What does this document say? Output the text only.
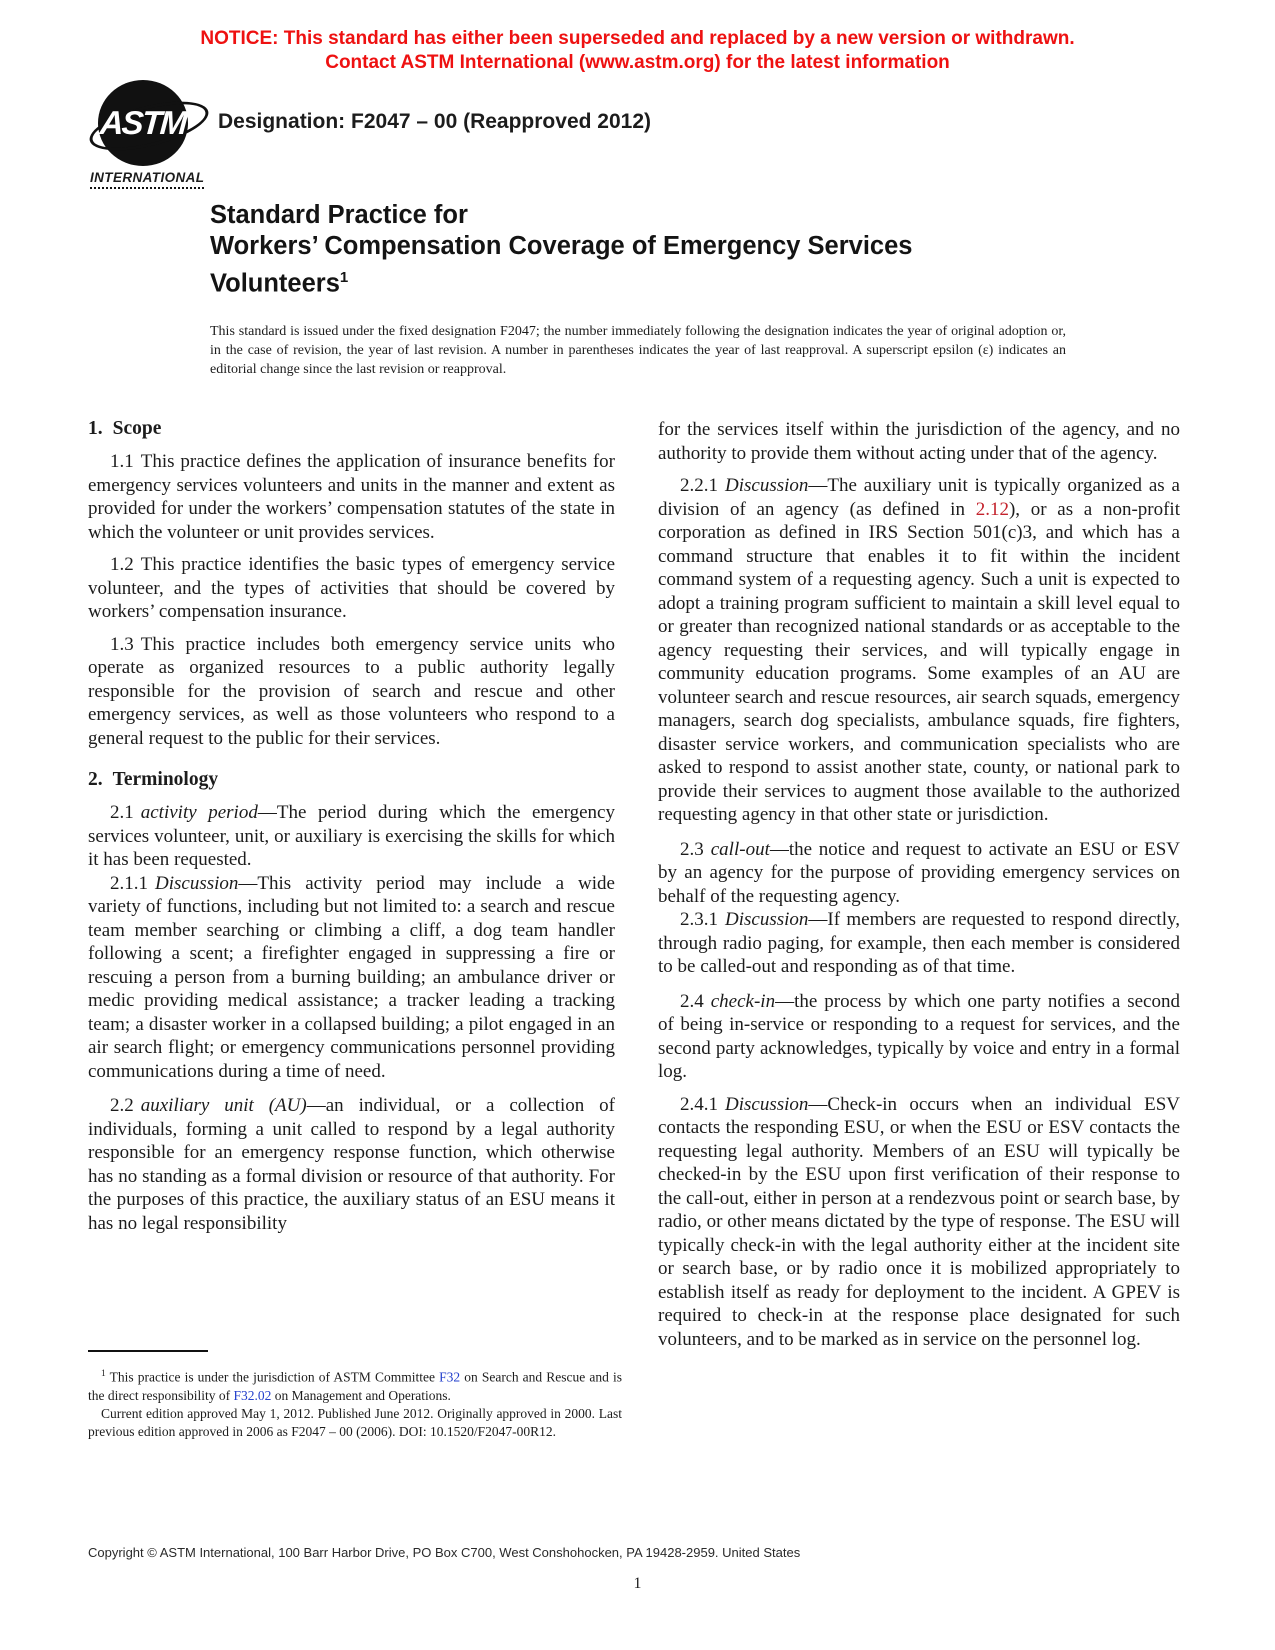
NOTICE: This standard has either been superseded and replaced by a new version or withdrawn.
Contact ASTM International (www.astm.org) for the latest information
ASTM
INTERNATIONAL
Designation: F2047 – 00 (Reapproved 2012)
Standard Practice for
Workers’ Compensation Coverage of Emergency Services
Volunteers$^1$
This standard is issued under the fixed designation F2047; the number immediately following the designation indicates the year of original adoption or, in the case of revision, the year of last revision. A number in parentheses indicates the year of last reapproval. A superscript epsilon (ε) indicates an editorial change since the last revision or reapproval.
1. Scope

1.1 This practice defines the application of insurance benefits for emergency services volunteers and units in the manner and extent as provided for under the workers’ compensation statutes of the state in which the volunteer or unit provides services.

1.2 This practice identifies the basic types of emergency service volunteer, and the types of activities that should be covered by workers’ compensation insurance.

1.3 This practice includes both emergency service units who operate as organized resources to a public authority legally responsible for the provision of search and rescue and other emergency services, as well as those volunteers who respond to a general request to the public for their services.

2. Terminology

2.1 activity period—The period during which the emergency services volunteer, unit, or auxiliary is exercising the skills for which it has been requested.

2.1.1 Discussion—This activity period may include a wide variety of functions, including but not limited to: a search and rescue team member searching or climbing a cliff, a dog team handler following a scent; a firefighter engaged in suppressing a fire or rescuing a person from a burning building; an ambulance driver or medic providing medical assistance; a tracker leading a tracking team; a disaster worker in a collapsed building; a pilot engaged in an air search flight; or emergency communications personnel providing communications during a time of need.

2.2 auxiliary unit (AU)—an individual, or a collection of individuals, forming a unit called to respond by a legal authority responsible for an emergency response function, which otherwise has no standing as a formal division or resource of that authority. For the purposes of this practice, the auxiliary status of an ESU means it has no legal responsibility

for the services itself within the jurisdiction of the agency, and no authority to provide them without acting under that of the agency.

2.2.1 Discussion—The auxiliary unit is typically organized as a division of an agency (as defined in 2.12), or as a non-profit corporation as defined in IRS Section 501(c)3, and which has a command structure that enables it to fit within the incident command system of a requesting agency. Such a unit is expected to adopt a training program sufficient to maintain a skill level equal to or greater than recognized national standards or as acceptable to the agency requesting their services, and will typically engage in community education programs. Some examples of an AU are volunteer search and rescue resources, air search squads, emergency managers, search dog specialists, ambulance squads, fire fighters, disaster service workers, and communication specialists who are asked to respond to assist another state, county, or national park to provide their services to augment those available to the authorized requesting agency in that other state or jurisdiction.

2.3 call-out—the notice and request to activate an ESU or ESV by an agency for the purpose of providing emergency services on behalf of the requesting agency.

2.3.1 Discussion—If members are requested to respond directly, through radio paging, for example, then each member is considered to be called-out and responding as of that time.

2.4 check-in—the process by which one party notifies a second of being in-service or responding to a request for services, and the second party acknowledges, typically by voice and entry in a formal log.

2.4.1 Discussion—Check-in occurs when an individual ESV contacts the responding ESU, or when the ESU or ESV contacts the requesting legal authority. Members of an ESU will typically be checked-in by the ESU upon first verification of their response to the call-out, either in person at a rendezvous point or search base, by radio, or other means dictated by the type of response. The ESU will typically check-in with the legal authority either at the incident site or search base, or by radio once it is mobilized appropriately to establish itself as ready for deployment to the incident. A GPEV is required to check-in at the response place designated for such volunteers, and to be marked as in service on the personnel log.

$^1$ This practice is under the jurisdiction of ASTM Committee F32 on Search and Rescue and is the direct responsibility of F32.02 on Management and Operations.

Current edition approved May 1, 2012. Published June 2012. Originally approved in 2000. Last previous edition approved in 2006 as F2047 – 00 (2006). DOI: 10.1520/F2047-00R12.

Copyright © ASTM International, 100 Barr Harbor Drive, PO Box C700, West Conshohocken, PA 19428-2959. United States
1
